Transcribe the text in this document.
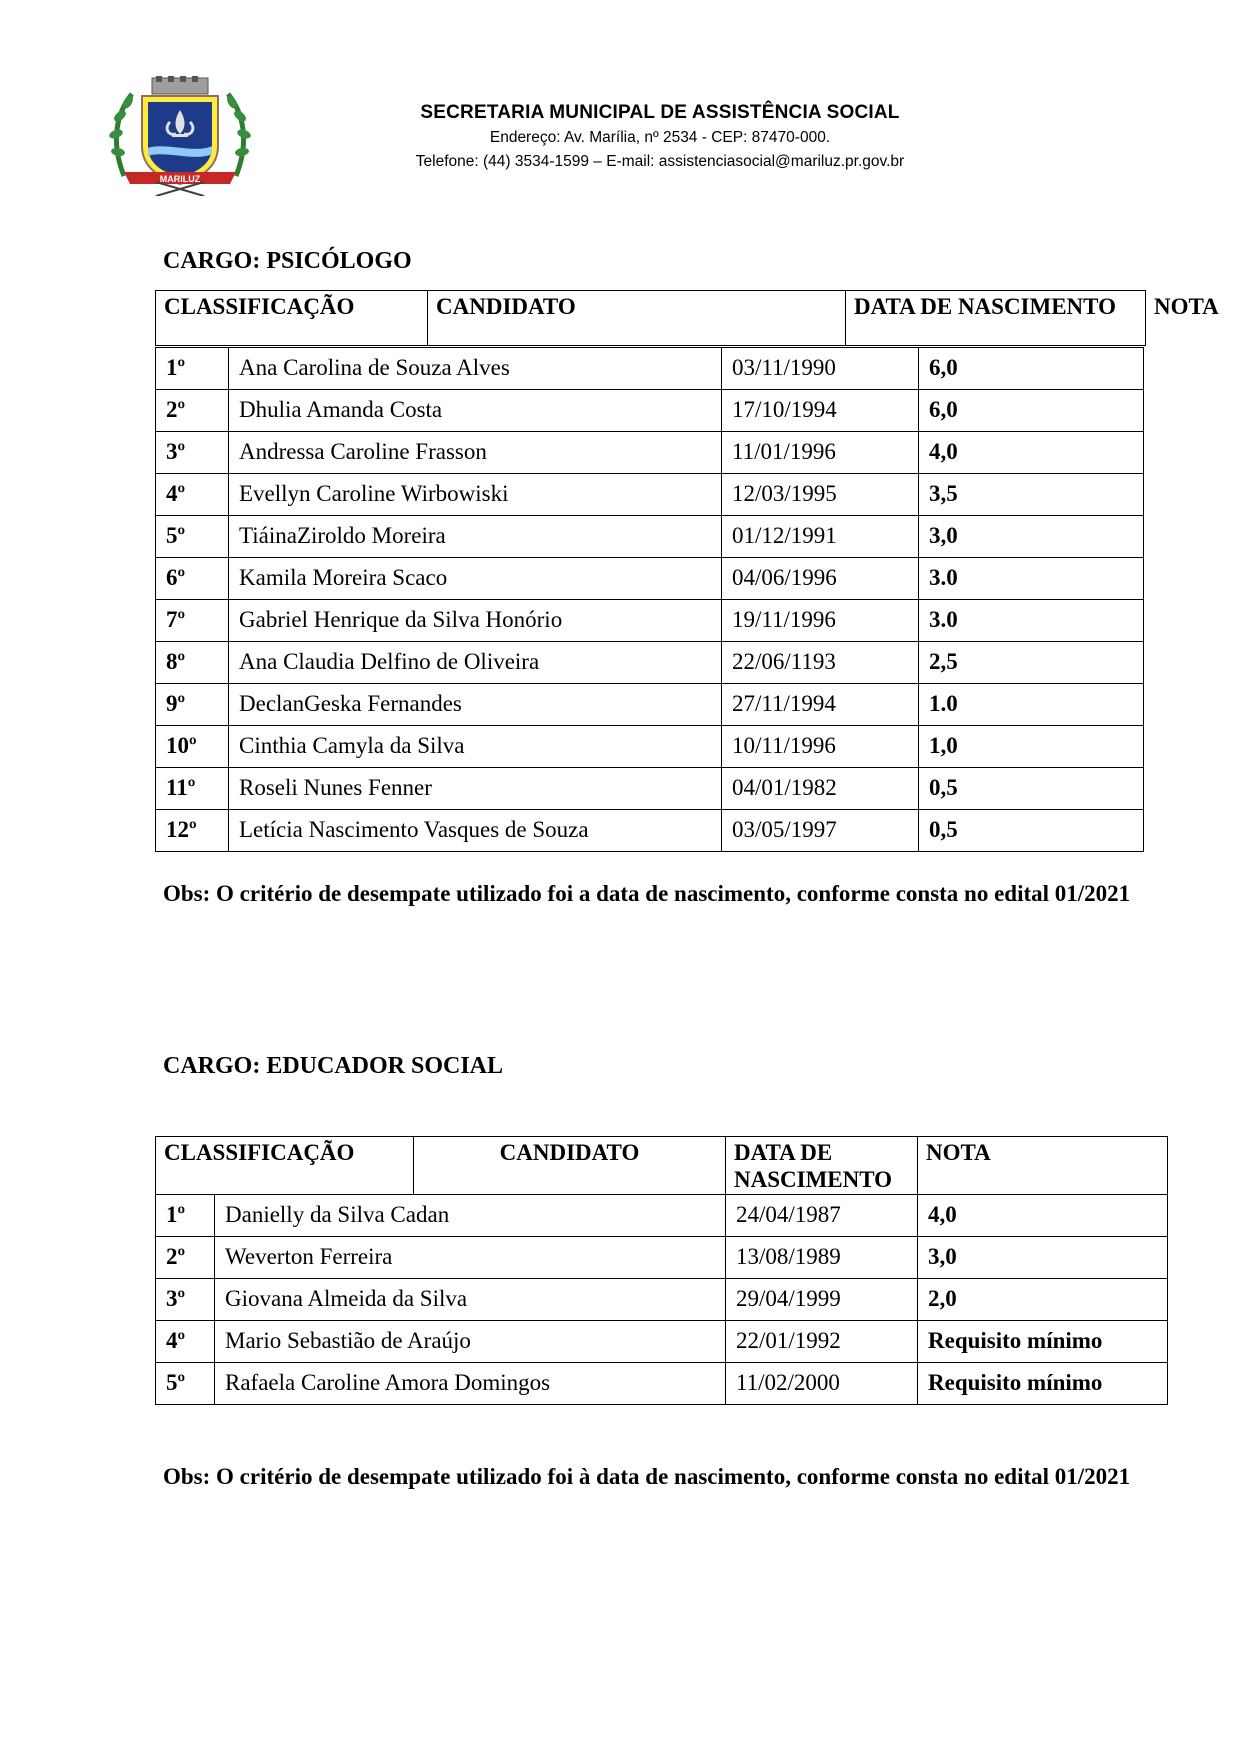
MARILUZ
SECRETARIA MUNICIPAL DE ASSISTÊNCIA SOCIAL
Endereço: Av. Marília, nº 2534 - CEP: 87470-000.
Telefone: (44) 3534-1599 – E-mail: assistenciasocial@mariluz.pr.gov.br
CARGO: PSICÓLOGO
CLASSIFICAÇÃO	CANDIDATO	DATA DE NASCIMENTO	NOTA
1º	Ana Carolina de Souza Alves	03/11/1990	6,0
2º	Dhulia Amanda Costa	17/10/1994	6,0
3º	Andressa Caroline Frasson	11/01/1996	4,0
4º	Evellyn Caroline Wirbowiski	12/03/1995	3,5
5º	TiáinaZiroldo Moreira	01/12/1991	3,0
6º	Kamila Moreira Scaco	04/06/1996	3.0
7º	Gabriel Henrique da Silva Honório	19/11/1996	3.0
8º	Ana Claudia Delfino de Oliveira	22/06/1193	2,5
9º	DeclanGeska Fernandes	27/11/1994	1.0
10º	Cinthia Camyla da Silva	10/11/1996	1,0
11º	Roseli Nunes Fenner	04/01/1982	0,5
12º	Letícia Nascimento Vasques de Souza	03/05/1997	0,5
Obs: O critério de desempate utilizado foi a data de nascimento, conforme consta no edital 01/2021
CARGO: EDUCADOR SOCIAL
CLASSIFICAÇÃO	CANDIDATO	DATA DE NASCIMENTO	NOTA
1º	Danielly da Silva Cadan	24/04/1987	4,0
2º	Weverton Ferreira	13/08/1989	3,0
3º	Giovana Almeida da Silva	29/04/1999	2,0
4º	Mario Sebastião de Araújo	22/01/1992	Requisito mínimo
5º	Rafaela Caroline Amora Domingos	11/02/2000	Requisito mínimo
Obs: O critério de desempate utilizado foi à data de nascimento, conforme consta no edital 01/2021
